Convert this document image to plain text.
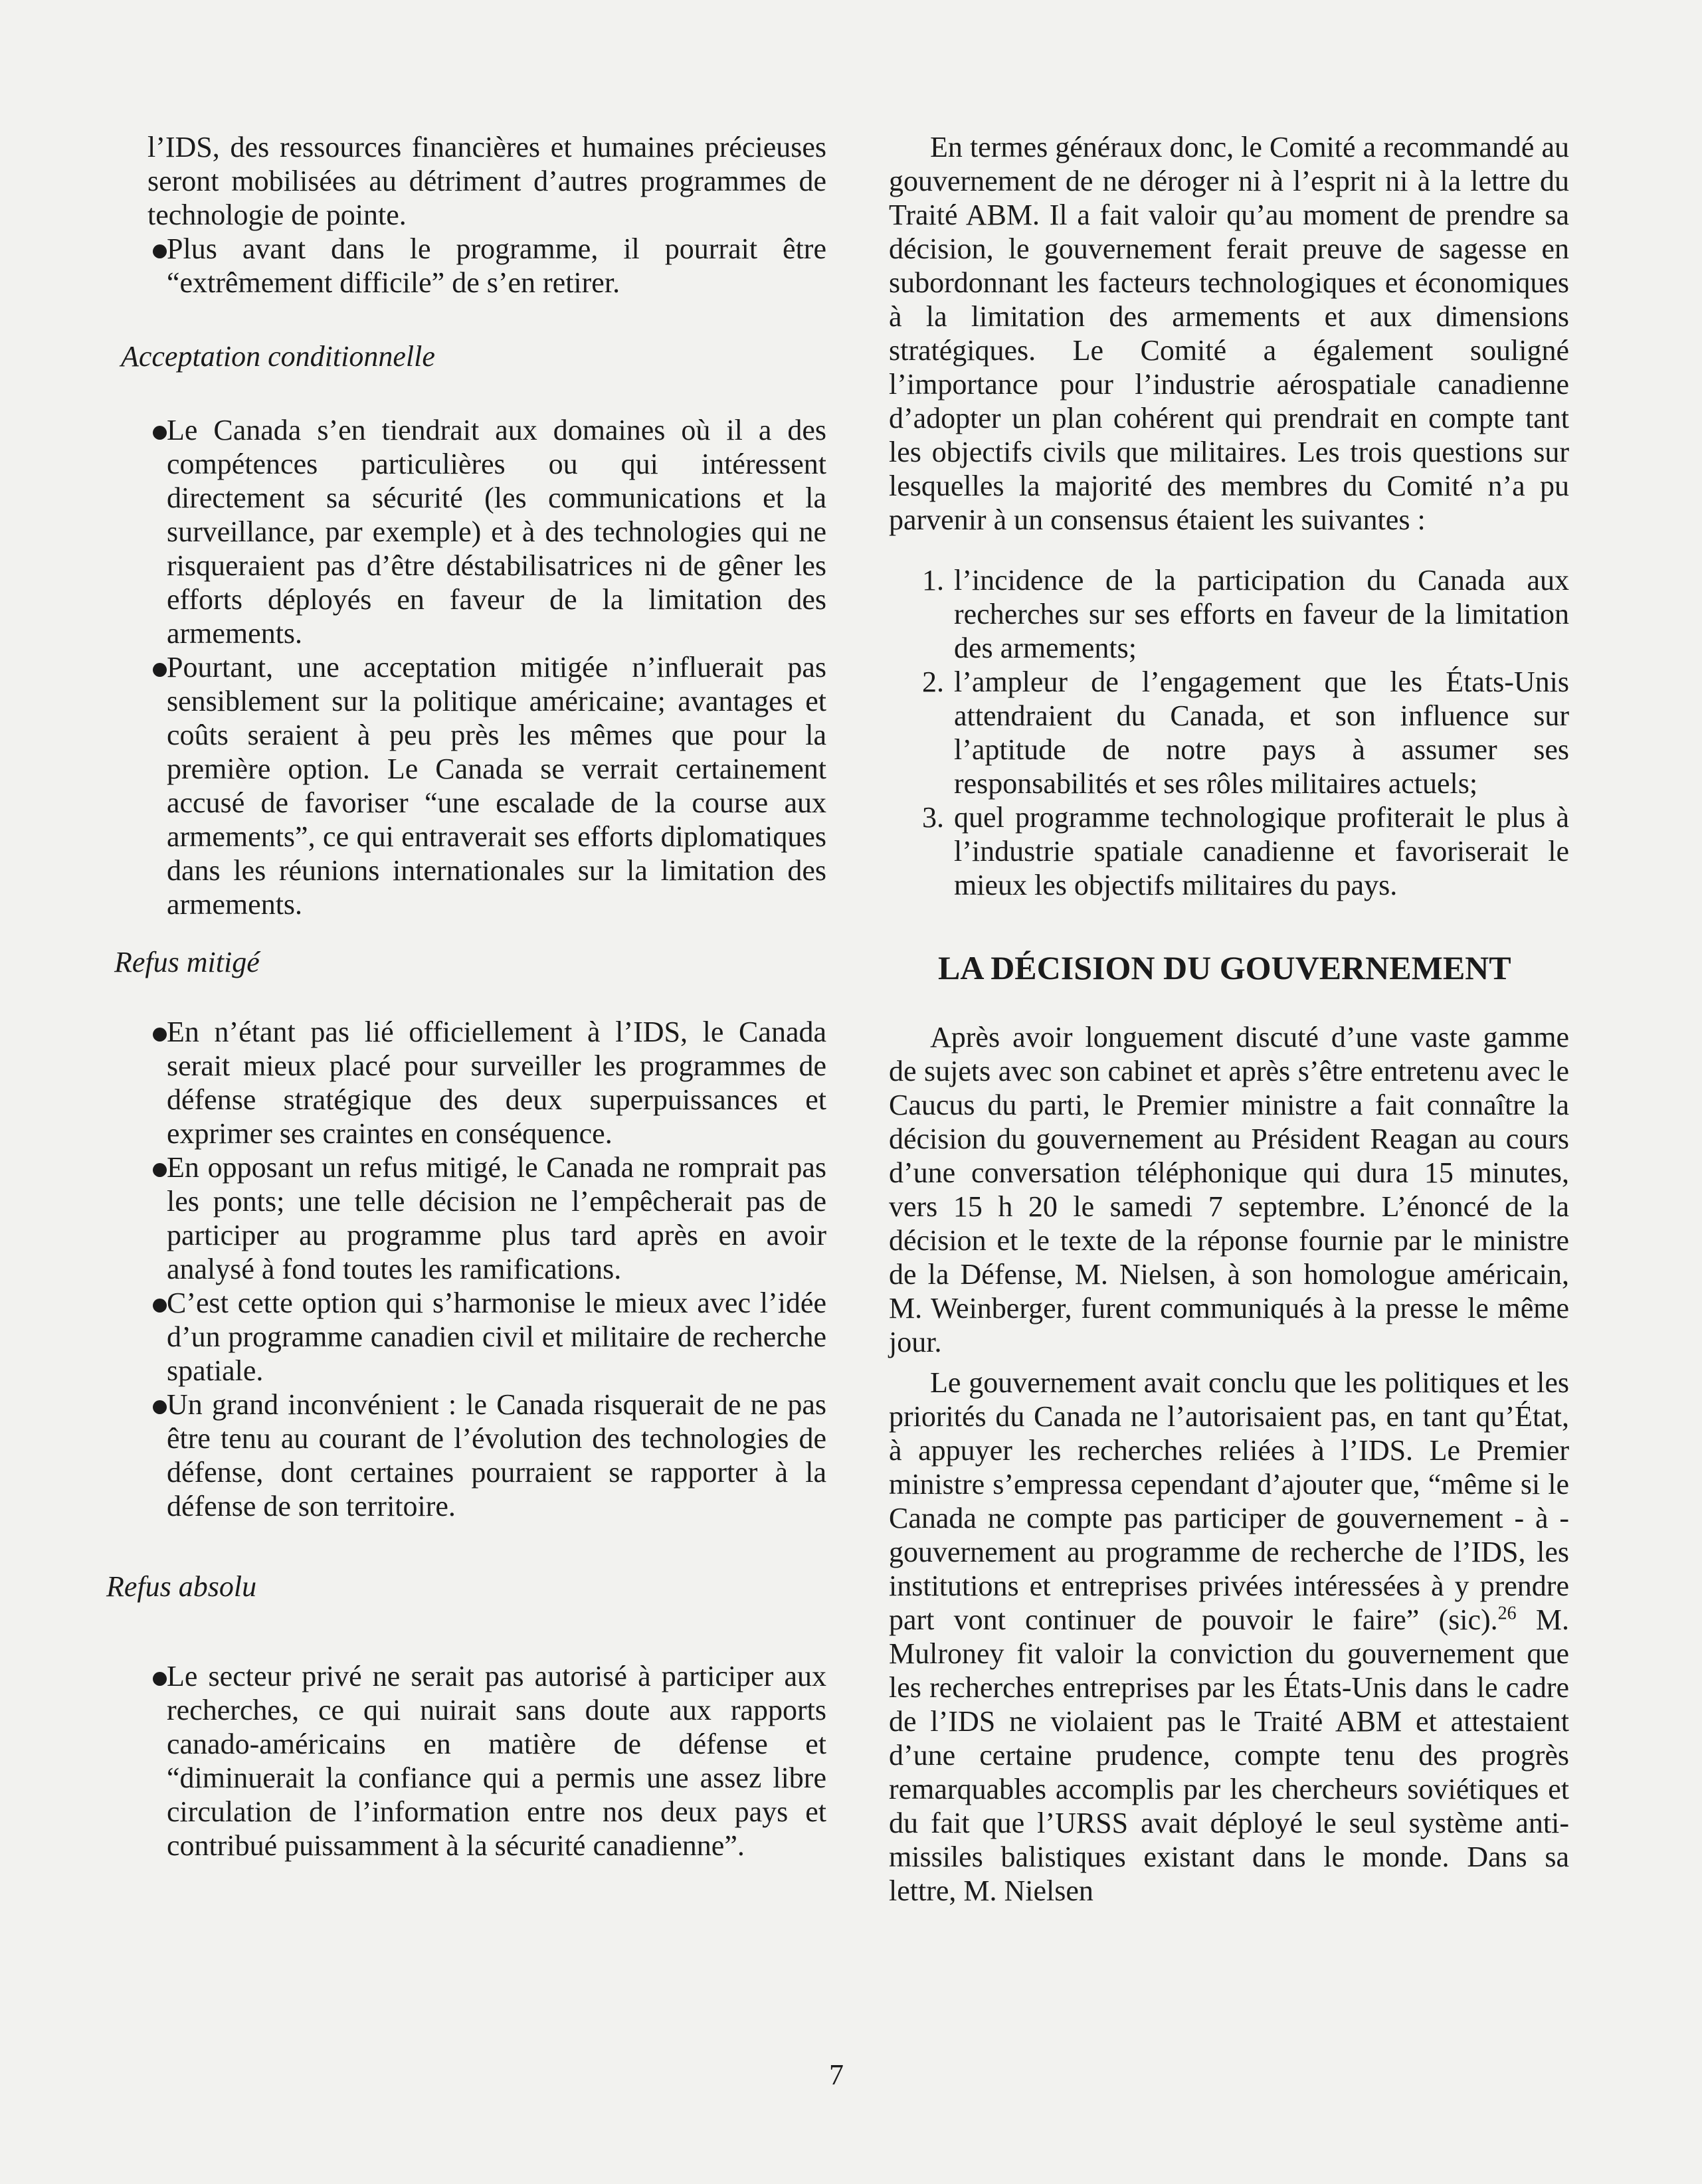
l’IDS, des ressources financières et humaines précieuses seront mobilisées au détriment d’autres programmes de technologie de pointe.

Plus avant dans le programme, il pourrait être “extrêmement difficile” de s’en retirer.

Acceptation conditionnelle

Le Canada s’en tiendrait aux domaines où il a des compétences particulières ou qui intéressent directement sa sécurité (les communications et la surveillance, par exemple) et à des technologies qui ne risqueraient pas d’être déstabilisatrices ni de gêner les efforts déployés en faveur de la limitation des armements.
Pourtant, une acceptation mitigée n’influerait pas sensiblement sur la politique américaine; avantages et coûts seraient à peu près les mêmes que pour la première option. Le Canada se verrait certainement accusé de favoriser “une escalade de la course aux armements”, ce qui entraverait ses efforts diplomatiques dans les réunions internationales sur la limitation des armements.

Refus mitigé

En n’étant pas lié officiellement à l’IDS, le Canada serait mieux placé pour surveiller les programmes de défense stratégique des deux superpuissances et exprimer ses craintes en conséquence.
En opposant un refus mitigé, le Canada ne romprait pas les ponts; une telle décision ne l’empêcherait pas de participer au programme plus tard après en avoir analysé à fond toutes les ramifications.
C’est cette option qui s’harmonise le mieux avec l’idée d’un programme canadien civil et militaire de recherche spatiale.
Un grand inconvénient : le Canada risquerait de ne pas être tenu au courant de l’évolution des technologies de défense, dont certaines pourraient se rapporter à la défense de son territoire.

Refus absolu

Le secteur privé ne serait pas autorisé à participer aux recherches, ce qui nuirait sans doute aux rapports canado-américains en matière de défense et “diminuerait la confiance qui a permis une assez libre circulation de l’information entre nos deux pays et contribué puissamment à la sécurité canadienne”.

En termes généraux donc, le Comité a recommandé au gouvernement de ne déroger ni à l’esprit ni à la lettre du Traité ABM. Il a fait valoir qu’au moment de prendre sa décision, le gouvernement ferait preuve de sagesse en subordonnant les facteurs technologiques et économiques à la limitation des armements et aux dimensions stratégiques. Le Comité a également souligné l’importance pour l’industrie aérospatiale canadienne d’adopter un plan cohérent qui prendrait en compte tant les objectifs civils que militaires. Les trois questions sur lesquelles la majorité des membres du Comité n’a pu parvenir à un consensus étaient les suivantes :

1. l’incidence de la participation du Canada aux recherches sur ses efforts en faveur de la limitation des armements;
2. l’ampleur de l’engagement que les États-Unis attendraient du Canada, et son influence sur l’aptitude de notre pays à assumer ses responsabilités et ses rôles militaires actuels;
3. quel programme technologique profiterait le plus à l’industrie spatiale canadienne et favoriserait le mieux les objectifs militaires du pays.
LA DÉCISION DU GOUVERNEMENT

Après avoir longuement discuté d’une vaste gamme de sujets avec son cabinet et après s’être entretenu avec le Caucus du parti, le Premier ministre a fait connaître la décision du gouvernement au Président Reagan au cours d’une conversation téléphonique qui dura 15 minutes, vers 15 h 20 le samedi 7 septembre. L’énoncé de la décision et le texte de la réponse fournie par le ministre de la Défense, M. Nielsen, à son homologue américain, M. Weinberger, furent communiqués à la presse le même jour.

Le gouvernement avait conclu que les politiques et les priorités du Canada ne l’autorisaient pas, en tant qu’État, à appuyer les recherches reliées à l’IDS. Le Premier ministre s’empressa cependant d’ajouter que, “même si le Canada ne compte pas participer de gouvernement - à - gouvernement au programme de recherche de l’IDS, les institutions et entreprises privées intéressées à y prendre part vont continuer de pouvoir le faire” (sic).$^{26}$ M. Mulroney fit valoir la conviction du gouvernement que les recherches entreprises par les États-Unis dans le cadre de l’IDS ne violaient pas le Traité ABM et attestaient d’une certaine prudence, compte tenu des progrès remarquables accomplis par les chercheurs soviétiques et du fait que l’URSS avait déployé le seul système anti-missiles balistiques existant dans le monde. Dans sa lettre, M. Nielsen

7
